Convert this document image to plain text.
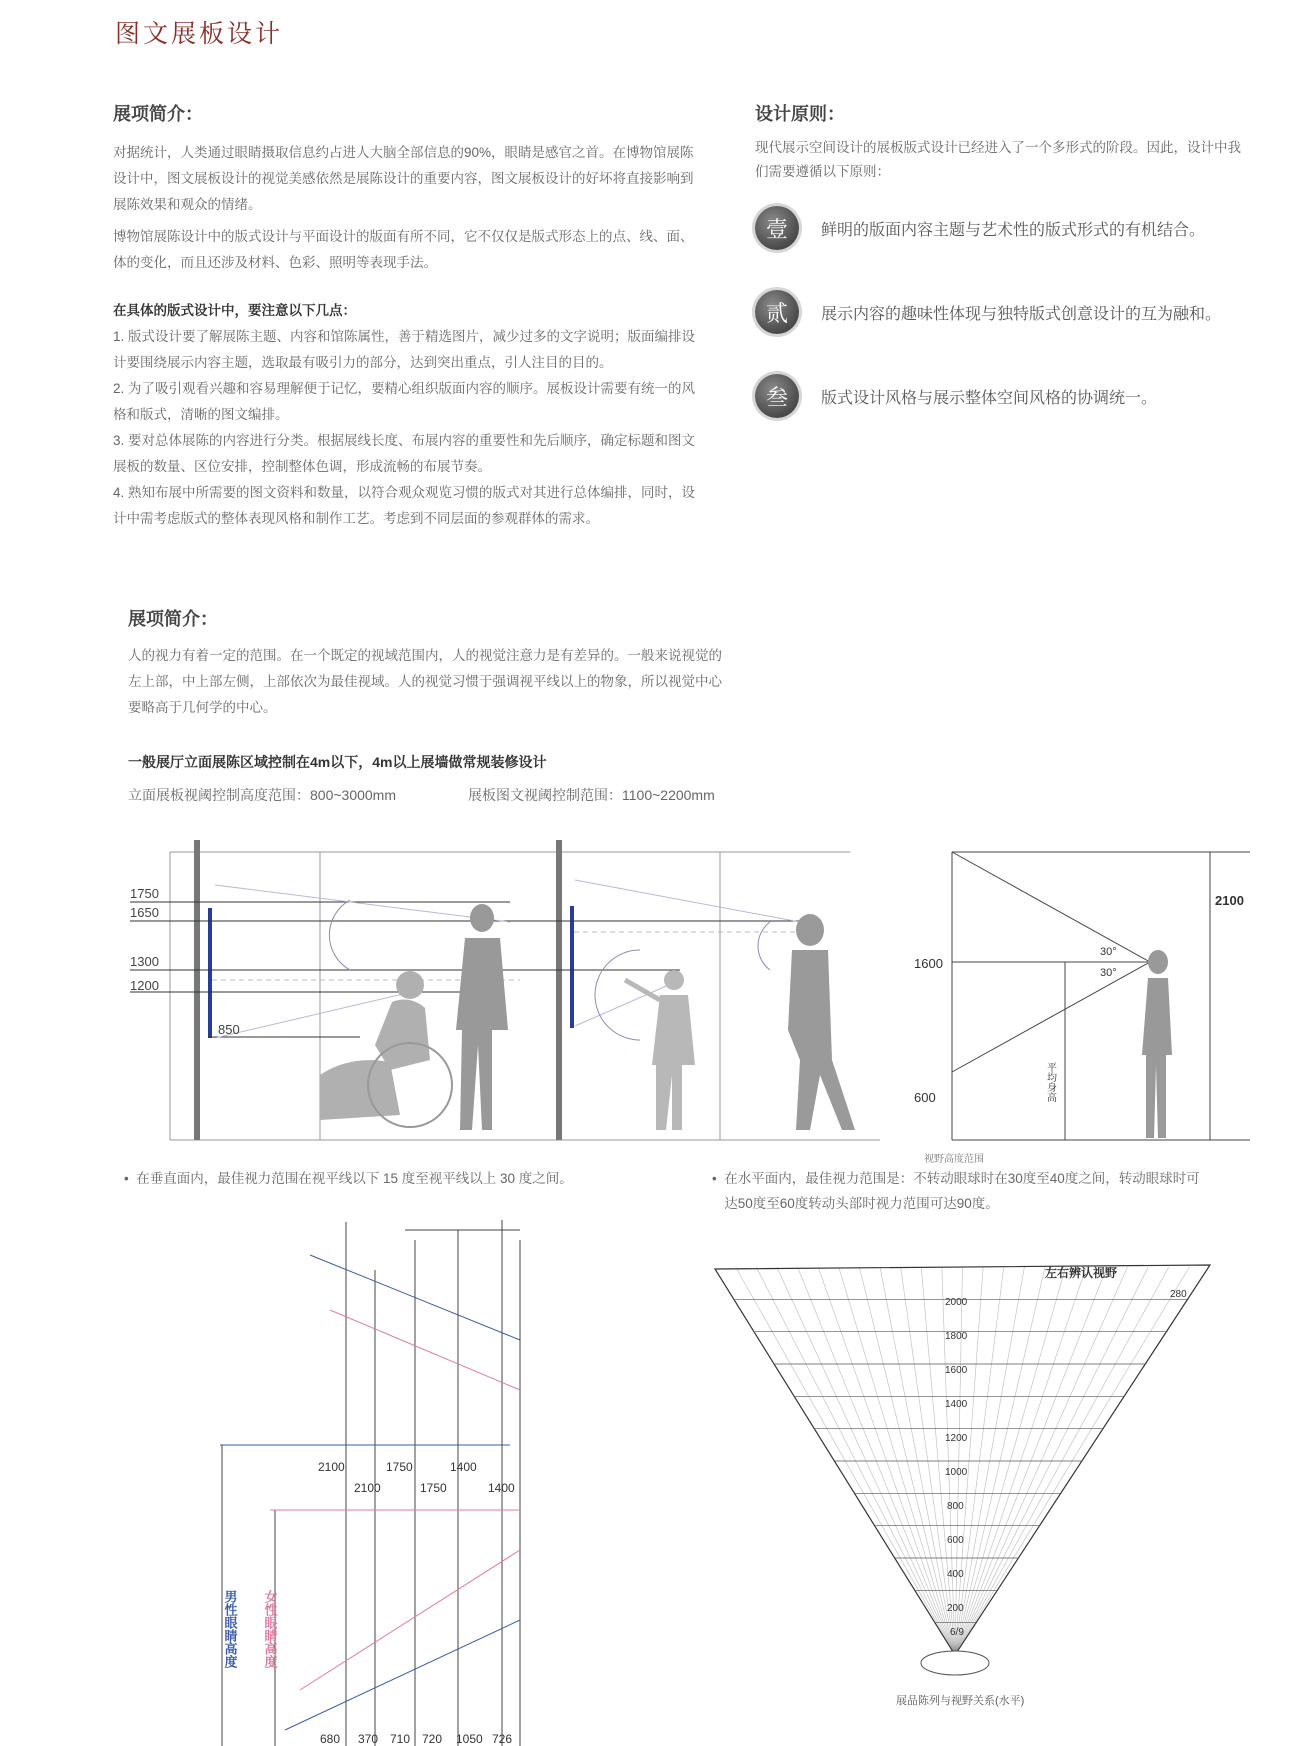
图文展板设计
展项简介：
对据统计，人类通过眼睛摄取信息约占进人大脑全部信息的90%，眼睛是感官之首。在博物馆展陈设计中，图文展板设计的视觉美感依然是展陈设计的重要内容，图文展板设计的好坏将直接影响到展陈效果和观众的情绪。
博物馆展陈设计中的版式设计与平面设计的版面有所不同，它不仅仅是版式形态上的点、线、面、体的变化，而且还涉及材料、色彩、照明等表现手法。
在具体的版式设计中，要注意以下几点：
1. 版式设计要了解展陈主题、内容和馆陈属性，善于精选图片，减少过多的文字说明；版面编排设计要围绕展示内容主题，选取最有吸引力的部分，达到突出重点，引人注目的目的。
2. 为了吸引观看兴趣和容易理解便于记忆，要精心组织版面内容的顺序。展板设计需要有统一的风格和版式，清晰的图文编排。
3. 要对总体展陈的内容进行分类。根据展线长度、布展内容的重要性和先后顺序，确定标题和图文展板的数量、区位安排，控制整体色调，形成流畅的布展节奏。
4. 熟知布展中所需要的图文资料和数量，以符合观众观览习惯的版式对其进行总体编排，同时，设计中需考虑版式的整体表现风格和制作工艺。考虑到不同层面的参观群体的需求。
设计原则：
现代展示空间设计的展板版式设计已经进入了一个多形式的阶段。因此，设计中我们需要遵循以下原则：
壹	鲜明的版面内容主题与艺术性的版式形式的有机结合。
贰	展示内容的趣味性体现与独特版式创意设计的互为融和。
叁	版式设计风格与展示整体空间风格的协调统一。
展项简介：
人的视力有着一定的范围。在一个既定的视域范围内，人的视觉注意力是有差异的。一般来说视觉的左上部，中上部左侧，上部依次为最佳视域。人的视觉习惯于强调视平线以上的物象，所以视觉中心要略高于几何学的中心。
一般展厅立面展陈区域控制在4m以下，4m以上展墙做常规装修设计
立面展板视阈控制高度范围：800~3000mm	展板图文视阈控制范围：1100~2200mm
1750
1650
1300
1200
850
2100
1600
600
30°
30°
平均身高
视野高度范围
•  在垂直面内，最佳视力范围在视平线以下 15 度至视平线以上 30 度之间。	• 在水平面内，最佳视力范围是：不转动眼球时在30度至40度之间，转动眼球时可达50度至60度转动头部时视力范围可达90度。
2100	1750	1400
2100	1750	1400
680 370 710 720 1050 726
男性眼睛高度 女性眼睛高度
左右辨认视野
2000
1800
1600
1400
1200
1000
800
600
400
200
6/9
280
展品陈列与视野关系(水平)
